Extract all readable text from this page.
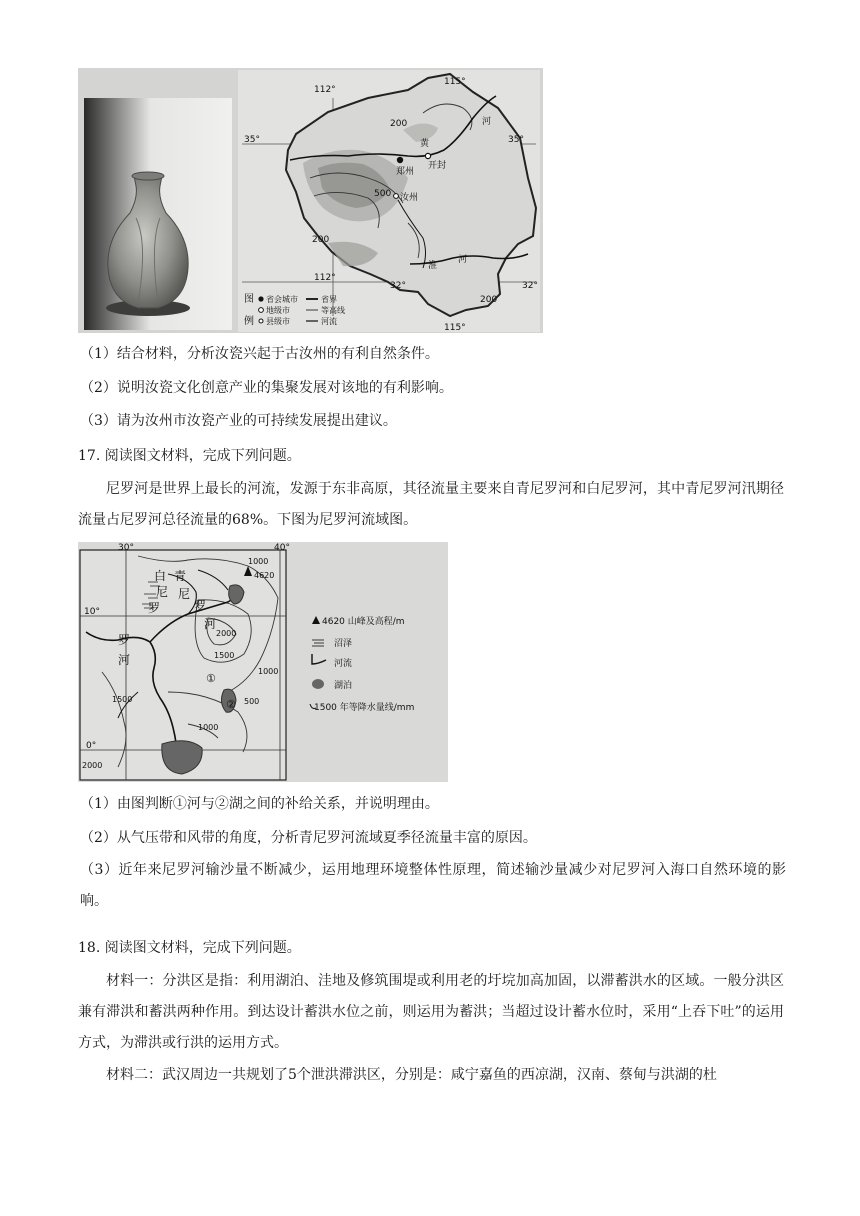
115°
112°
112°
115°
35°	35°
32°	32°
200
500
200
200
郑州
开封
汝州
黄
河
淮
河
图
例
省会城市
地级市
县级市
省界
等高线
河流
（1）结合材料，分析汝瓷兴起于古汝州的有利自然条件。
（2）说明汝瓷文化创意产业的集聚发展对该地的有利影响。
（3）请为汝州市汝瓷产业的可持续发展提出建议。
17. 阅读图文材料，完成下列问题。
尼罗河是世界上最长的河流，发源于东非高原，其径流量主要来自青尼罗河和白尼罗河，其中青尼罗河汛期径流量占尼罗河总径流量的68%。下图为尼罗河流域图。
30°	40°
10°
0°
4620
1000
2000
1500
1000
500
1500
1000
2000
白
尼
罗
罗
河
青
尼
罗
河
①
②
4620 山峰及高程/m
沼泽
河流
湖泊
1500 年等降水量线/mm
（1）由图判断①河与②湖之间的补给关系，并说明理由。
（2）从气压带和风带的角度，分析青尼罗河流域夏季径流量丰富的原因。
（3）近年来尼罗河输沙量不断减少，运用地理环境整体性原理，简述输沙量减少对尼罗河入海口自然环境的影响。
18. 阅读图文材料，完成下列问题。
材料一：分洪区是指：利用湖泊、洼地及修筑围堤或利用老的圩垸加高加固，以滞蓄洪水的区域。一般分洪区兼有滞洪和蓄洪两种作用。到达设计蓄洪水位之前，则运用为蓄洪；当超过设计蓄水位时，采用“上吞下吐”的运用方式，为滞洪或行洪的运用方式。
材料二：武汉周边一共规划了5个泄洪滞洪区，分别是：咸宁嘉鱼的西凉湖，汉南、蔡甸与洪湖的杜
